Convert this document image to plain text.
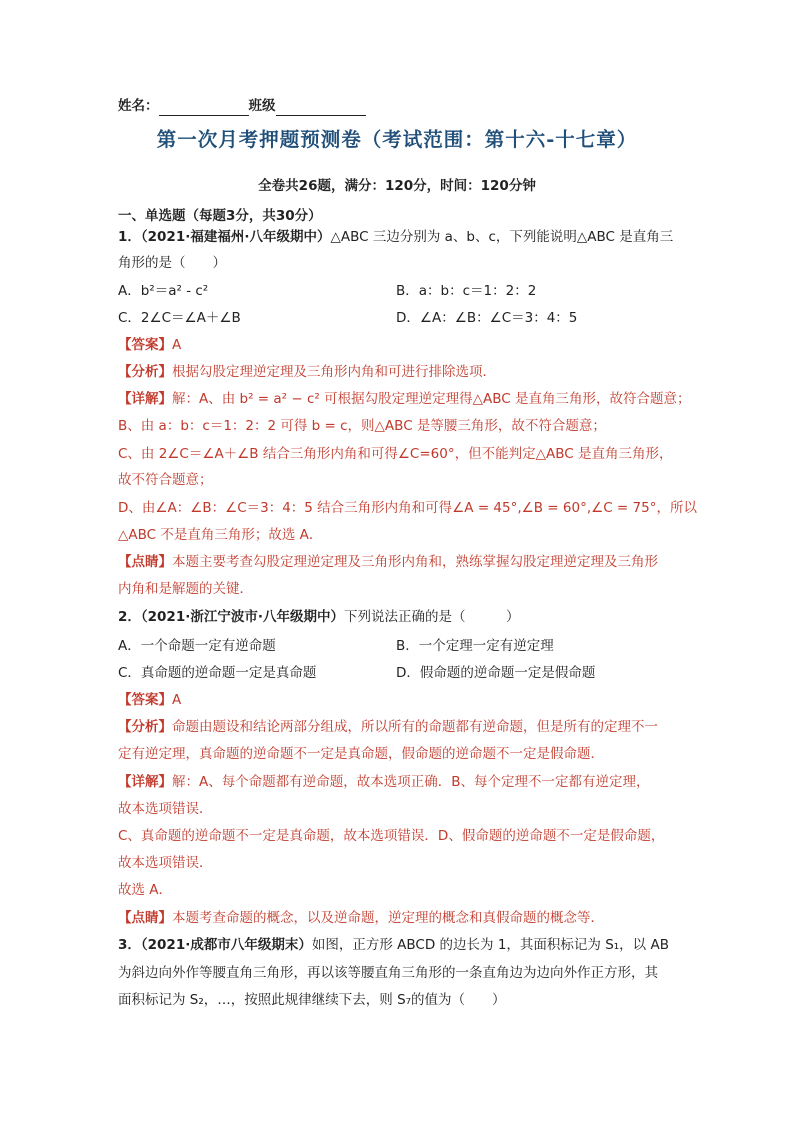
姓名：	班级
第一次月考押题预测卷（考试范围：第十六-十七章）
全卷共26题，满分：120分，时间：120分钟
一、单选题（每题3分，共30分）
1．（2021·福建福州·八年级期中）△ABC 三边分别为 a、b、c，下列能说明△ABC 是直角三
角形的是（　　）
A．b²＝a² - c²	B．a：b：c＝1：2：2
C．2∠C＝∠A＋∠B	D．∠A：∠B：∠C＝3：4：5
【答案】A
【分析】根据勾股定理逆定理及三角形内角和可进行排除选项．
【详解】解：A、由 b² = a² − c² 可根据勾股定理逆定理得△ABC 是直角三角形，故符合题意；
B、由 a：b：c＝1：2：2 可得 b = c，则△ABC 是等腰三角形，故不符合题意；
C、由 2∠C＝∠A＋∠B 结合三角形内角和可得∠C=60°，但不能判定△ABC 是直角三角形，
故不符合题意；
D、由∠A：∠B：∠C＝3：4：5 结合三角形内角和可得∠A = 45°,∠B = 60°,∠C = 75°，所以
△ABC 不是直角三角形；故选 A．
【点睛】本题主要考查勾股定理逆定理及三角形内角和，熟练掌握勾股定理逆定理及三角形
内角和是解题的关键．
2．（2021·浙江宁波市·八年级期中）下列说法正确的是（　　　）
A．一个命题一定有逆命题	B．一个定理一定有逆定理
C．真命题的逆命题一定是真命题	D．假命题的逆命题一定是假命题
【答案】A
【分析】命题由题设和结论两部分组成，所以所有的命题都有逆命题，但是所有的定理不一
定有逆定理，真命题的逆命题不一定是真命题，假命题的逆命题不一定是假命题．
【详解】解：A、每个命题都有逆命题，故本选项正确．B、每个定理不一定都有逆定理，
故本选项错误．
C、真命题的逆命题不一定是真命题，故本选项错误．D、假命题的逆命题不一定是假命题，
故本选项错误．
故选 A．
【点睛】本题考查命题的概念，以及逆命题，逆定理的概念和真假命题的概念等．
3．（2021·成都市八年级期末）如图，正方形 ABCD 的边长为 1，其面积标记为 S₁，以 AB
为斜边向外作等腰直角三角形，再以该等腰直角三角形的一条直角边为边向外作正方形，其
面积标记为 S₂，…，按照此规律继续下去，则 S₇的值为（　　）
